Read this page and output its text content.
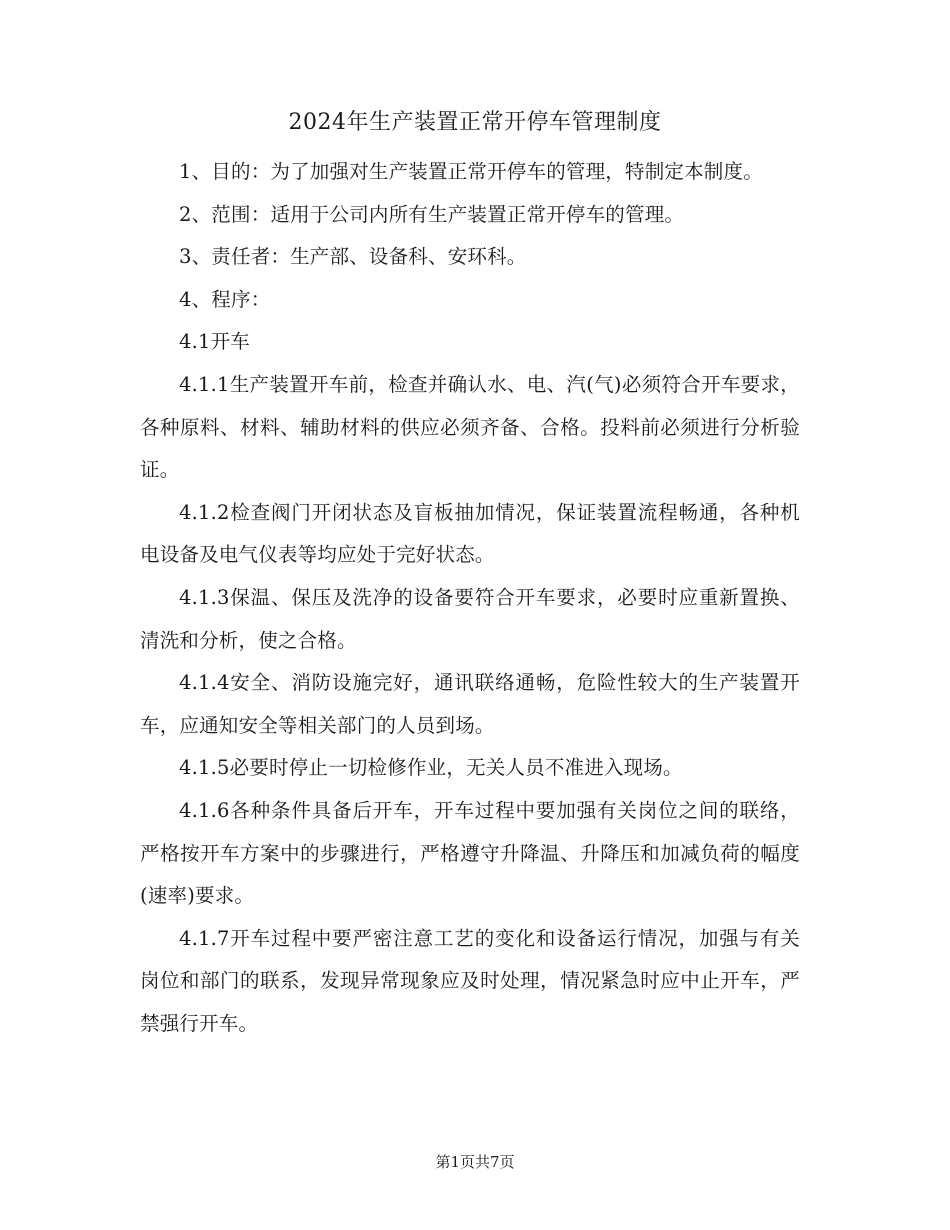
2024年生产装置正常开停车管理制度

1、目的：为了加强对生产装置正常开停车的管理，特制定本制度。

2、范围：适用于公司内所有生产装置正常开停车的管理。

3、责任者：生产部、设备科、安环科。

4、程序：

4.1开车

4.1.1生产装置开车前，检查并确认水、电、汽(气)必须符合开车要求，各种原料、材料、辅助材料的供应必须齐备、合格。投料前必须进行分析验证。

4.1.2检查阀门开闭状态及盲板抽加情况，保证装置流程畅通，各种机电设备及电气仪表等均应处于完好状态。

4.1.3保温、保压及洗净的设备要符合开车要求，必要时应重新置换、清洗和分析，使之合格。

4.1.4安全、消防设施完好，通讯联络通畅，危险性较大的生产装置开车，应通知安全等相关部门的人员到场。

4.1.5必要时停止一切检修作业，无关人员不准进入现场。

4.1.6各种条件具备后开车，开车过程中要加强有关岗位之间的联络，严格按开车方案中的步骤进行，严格遵守升降温、升降压和加减负荷的幅度(速率)要求。

4.1.7开车过程中要严密注意工艺的变化和设备运行情况，加强与有关岗位和部门的联系，发现异常现象应及时处理，情况紧急时应中止开车，严禁强行开车。

第1页共7页
